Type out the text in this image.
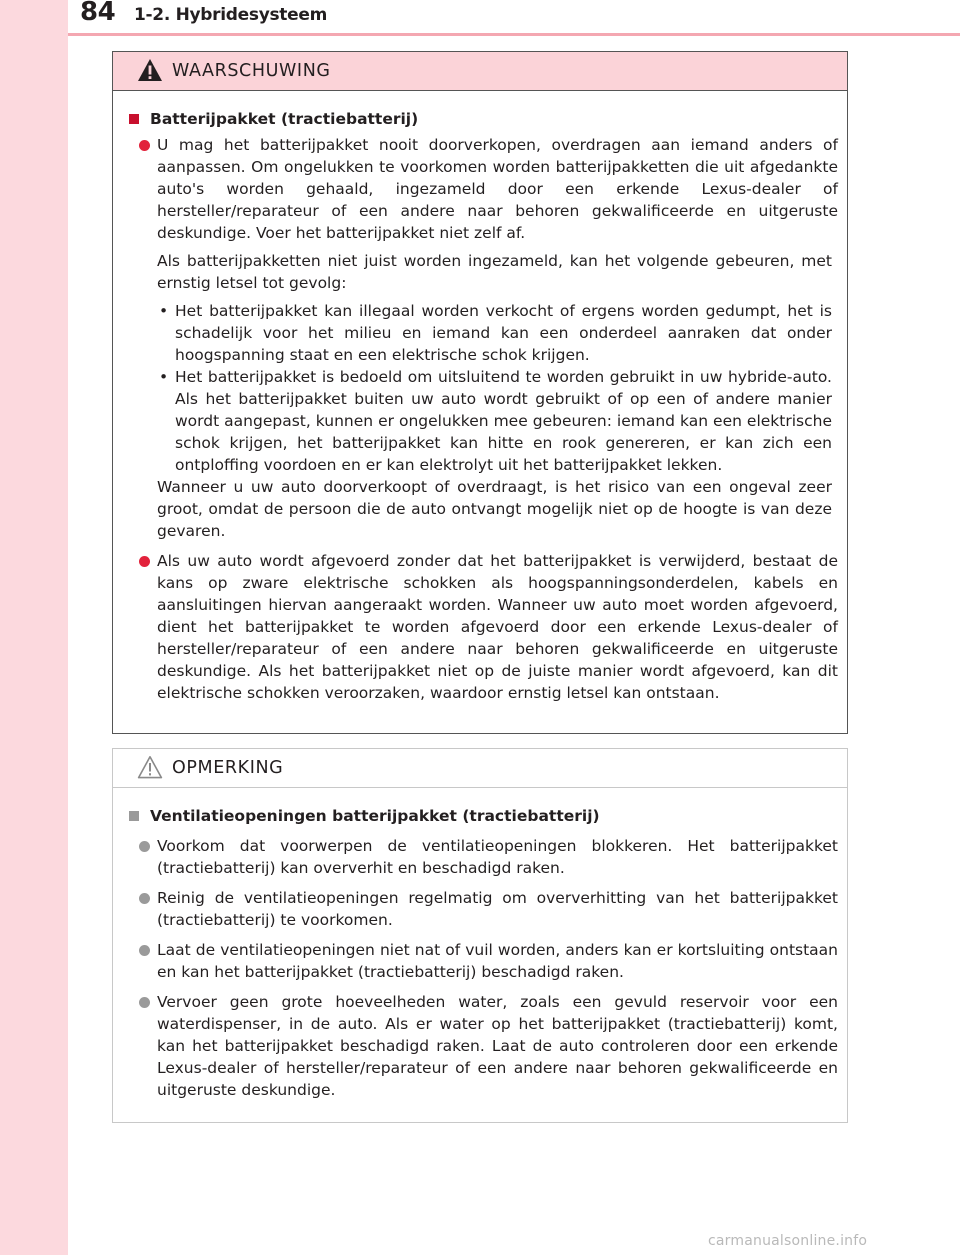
84 1-2. Hybridesysteem
WAARSCHUWING
Batterijpakket (tractiebatterij)

U mag het batterijpakket nooit doorverkopen, overdragen aan iemand anders of aanpassen. Om ongelukken te voorkomen worden batterijpakketten die uit afgedankte auto's worden gehaald, ingezameld door een erkende Lexus-dealer of hersteller/reparateur of een andere naar behoren gekwalificeerde en uitgeruste deskundige. Voer het batterijpakket niet zelf af.

Als batterijpakketten niet juist worden ingezameld, kan het volgende gebeuren, met ernstig letsel tot gevolg:

• Het batterijpakket kan illegaal worden verkocht of ergens worden gedumpt, het is schadelijk voor het milieu en iemand kan een onderdeel aanraken dat onder hoogspanning staat en een elektrische schok krijgen.
• Het batterijpakket is bedoeld om uitsluitend te worden gebruikt in uw hybride-auto. Als het batterijpakket buiten uw auto wordt gebruikt of op een of andere manier wordt aangepast, kunnen er ongelukken mee gebeuren: iemand kan een elektrische schok krijgen, het batterijpakket kan hitte en rook genereren, er kan zich een ontploffing voordoen en er kan elektrolyt uit het batterijpakket lekken.

Wanneer u uw auto doorverkoopt of overdraagt, is het risico van een ongeval zeer groot, omdat de persoon die de auto ontvangt mogelijk niet op de hoogte is van deze gevaren.

Als uw auto wordt afgevoerd zonder dat het batterijpakket is verwijderd, bestaat de kans op zware elektrische schokken als hoogspanningsonderdelen, kabels en aansluitingen hiervan aangeraakt worden. Wanneer uw auto moet worden afgevoerd, dient het batterijpakket te worden afgevoerd door een erkende Lexus-dealer of hersteller/reparateur of een andere naar behoren gekwalificeerde en uitgeruste deskundige. Als het batterijpakket niet op de juiste manier wordt afgevoerd, kan dit elektrische schokken veroorzaken, waardoor ernstig letsel kan ontstaan.

OPMERKING
Ventilatieopeningen batterijpakket (tractiebatterij)

Voorkom dat voorwerpen de ventilatieopeningen blokkeren. Het batterijpakket (tractiebatterij) kan oververhit en beschadigd raken.

Reinig de ventilatieopeningen regelmatig om oververhitting van het batterijpakket (tractiebatterij) te voorkomen.

Laat de ventilatieopeningen niet nat of vuil worden, anders kan er kortsluiting ontstaan en kan het batterijpakket (tractiebatterij) beschadigd raken.

Vervoer geen grote hoeveelheden water, zoals een gevuld reservoir voor een waterdispenser, in de auto. Als er water op het batterijpakket (tractiebatterij) komt, kan het batterijpakket beschadigd raken. Laat de auto controleren door een erkende Lexus-dealer of hersteller/reparateur of een andere naar behoren gekwalificeerde en uitgeruste deskundige.

carmanualsonline.info
